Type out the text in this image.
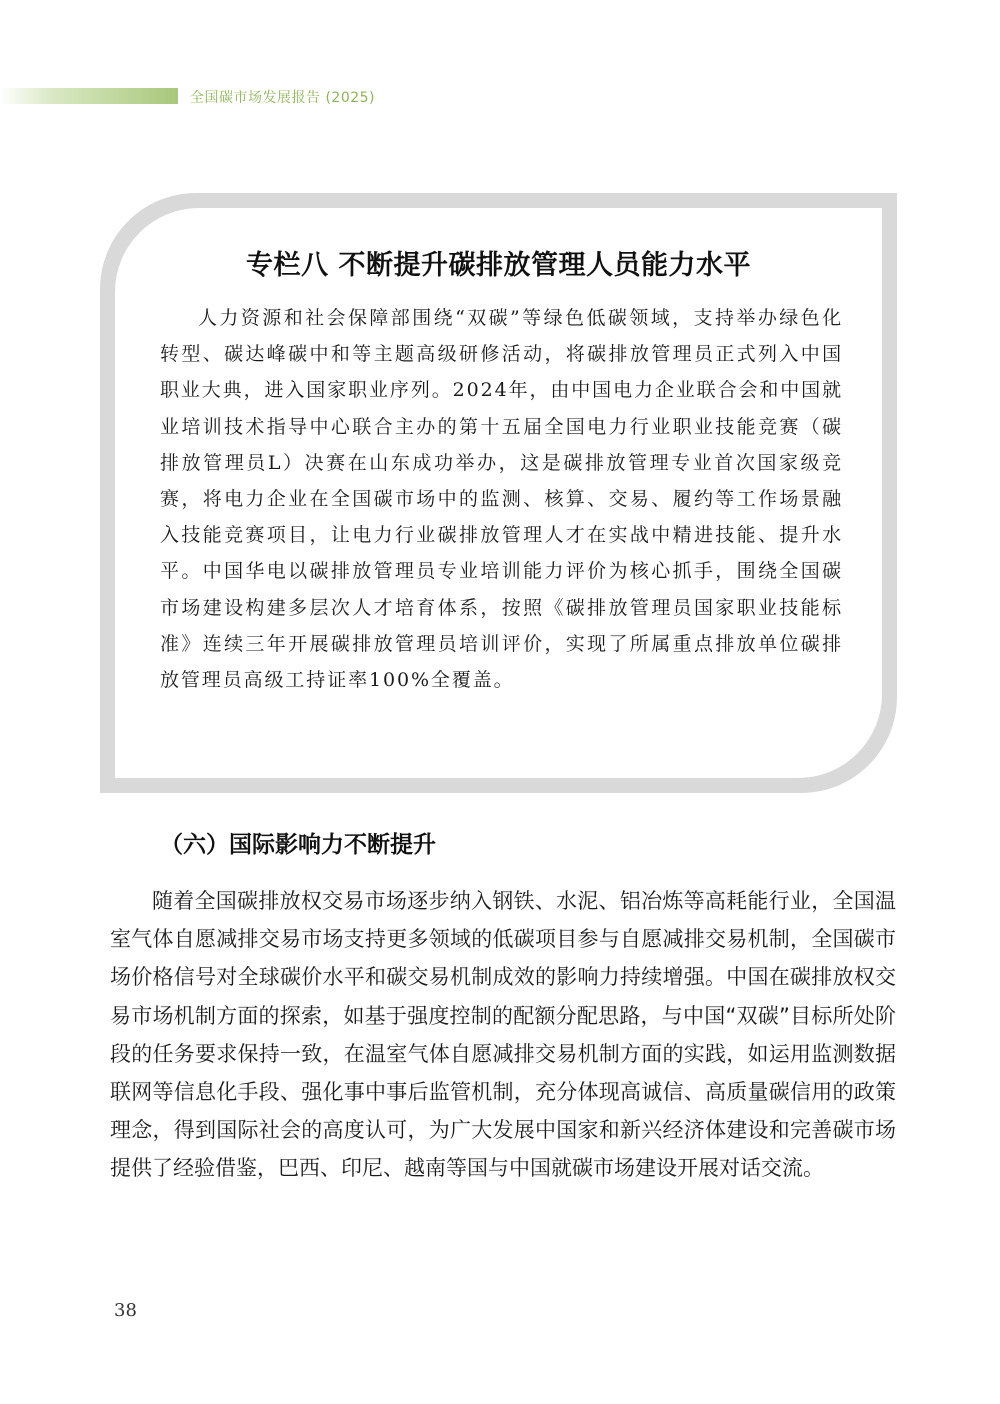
全国碳市场发展报告 (2025)
专栏八 不断提升碳排放管理人员能力水平

人力资源和社会保障部围绕“双碳”等绿色低碳领域，支持举办绿色化转型、碳达峰碳中和等主题高级研修活动，将碳排放管理员正式列入中国职业大典，进入国家职业序列。2024年，由中国电力企业联合会和中国就业培训技术指导中心联合主办的第十五届全国电力行业职业技能竞赛（碳排放管理员L）决赛在山东成功举办，这是碳排放管理专业首次国家级竞赛，将电力企业在全国碳市场中的监测、核算、交易、履约等工作场景融入技能竞赛项目，让电力行业碳排放管理人才在实战中精进技能、提升水平。中国华电以碳排放管理员专业培训能力评价为核心抓手，围绕全国碳市场建设构建多层次人才培育体系，按照《碳排放管理员国家职业技能标准》连续三年开展碳排放管理员培训评价，实现了所属重点排放单位碳排放管理员高级工持证率100%全覆盖。

（六）国际影响力不断提升

随着全国碳排放权交易市场逐步纳入钢铁、水泥、铝冶炼等高耗能行业，全国温室气体自愿减排交易市场支持更多领域的低碳项目参与自愿减排交易机制，全国碳市场价格信号对全球碳价水平和碳交易机制成效的影响力持续增强。中国在碳排放权交易市场机制方面的探索，如基于强度控制的配额分配思路，与中国“双碳”目标所处阶段的任务要求保持一致，在温室气体自愿减排交易机制方面的实践，如运用监测数据联网等信息化手段、强化事中事后监管机制，充分体现高诚信、高质量碳信用的政策理念，得到国际社会的高度认可，为广大发展中国家和新兴经济体建设和完善碳市场提供了经验借鉴，巴西、印尼、越南等国与中国就碳市场建设开展对话交流。

38
